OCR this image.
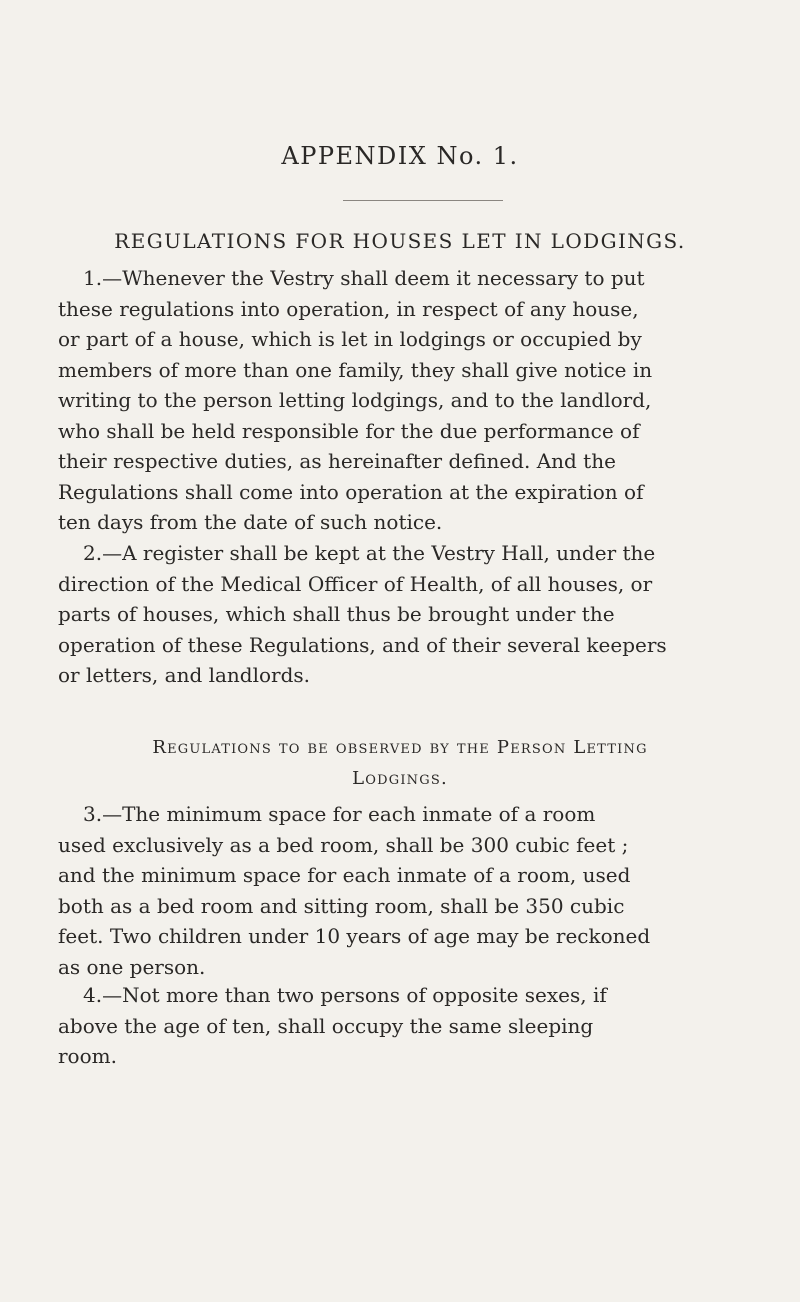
APPENDIX No. 1.
REGULATIONS FOR HOUSES LET IN LODGINGS.
1.—Whenever the Vestry shall deem it necessary to put
these regulations into operation, in respect of any house,
or part of a house, which is let in lodgings or occupied by
members of more than one family, they shall give notice in
writing to the person letting lodgings, and to the landlord,
who shall be held responsible for the due performance of
their respective duties, as hereinafter defined. And the
Regulations shall come into operation at the expiration of
ten days from the date of such notice.
2.—A register shall be kept at the Vestry Hall, under the
direction of the Medical Officer of Health, of all houses, or
parts of houses, which shall thus be brought under the
operation of these Regulations, and of their several keepers
or letters, and landlords.
Regulations to be observed by the Person Letting
Lodgings.
3.—The minimum space for each inmate of a room
used exclusively as a bed room, shall be 300 cubic feet ;
and the minimum space for each inmate of a room, used
both as a bed room and sitting room, shall be 350 cubic
feet. Two children under 10 years of age may be reckoned
as one person.
4.—Not more than two persons of opposite sexes, if
above the age of ten, shall occupy the same sleeping
room.
